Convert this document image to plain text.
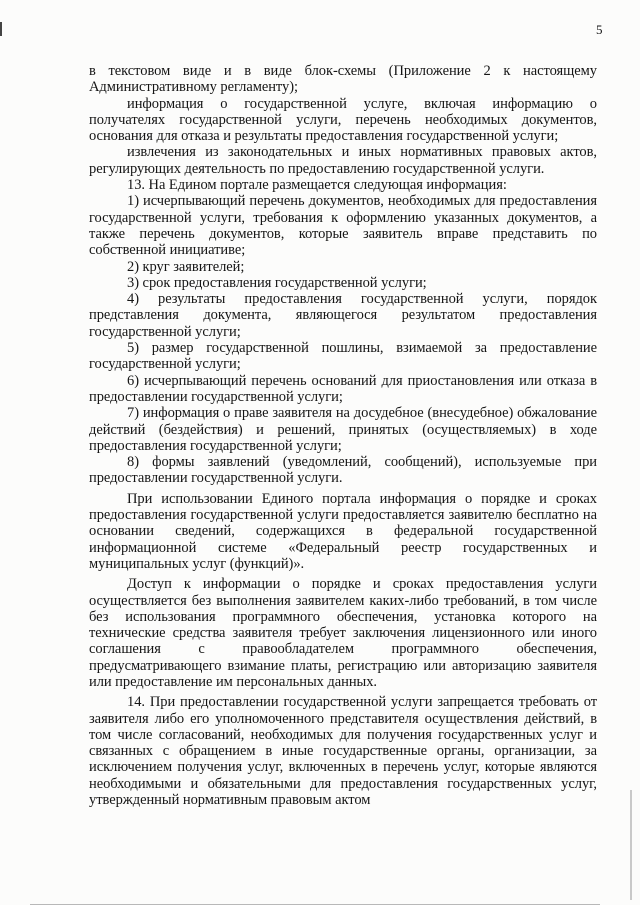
5

в текстовом виде и в виде блок-схемы (Приложение 2 к настоящему Административному регламенту);

информация о государственной услуге, включая информацию о получателях государственной услуги, перечень необходимых документов, основания для отказа и результаты предоставления государственной услуги;

извлечения из законодательных и иных нормативных правовых актов, регулирующих деятельность по предоставлению государственной услуги.

13. На Едином портале размещается следующая информация:

1) исчерпывающий перечень документов, необходимых для предоставления государственной услуги, требования к оформлению указанных документов, а также перечень документов, которые заявитель вправе представить по собственной инициативе;

2) круг заявителей;

3) срок предоставления государственной услуги;

4) результаты предоставления государственной услуги, порядок представления документа, являющегося результатом предоставления государственной услуги;

5) размер государственной пошлины, взимаемой за предоставление государственной услуги;

6) исчерпывающий перечень оснований для приостановления или отказа в предоставлении государственной услуги;

7) информация о праве заявителя на досудебное (внесудебное) обжалование действий (бездействия) и решений, принятых (осуществляемых) в ходе предоставления государственной услуги;

8) формы заявлений (уведомлений, сообщений), используемые при предоставлении государственной услуги.

При использовании Единого портала информация о порядке и сроках предоставления государственной услуги предоставляется заявителю бесплатно на основании сведений, содержащихся в федеральной государственной информационной системе «Федеральный реестр государственных и муниципальных услуг (функций)».

Доступ к информации о порядке и сроках предоставления услуги осуществляется без выполнения заявителем каких-либо требований, в том числе без использования программного обеспечения, установка которого на технические средства заявителя требует заключения лицензионного или иного соглашения с правообладателем программного обеспечения, предусматривающего взимание платы, регистрацию или авторизацию заявителя или предоставление им персональных данных.

14. При предоставлении государственной услуги запрещается требовать от заявителя либо его уполномоченного представителя осуществления действий, в том числе согласований, необходимых для получения государственных услуг и связанных с обращением в иные государственные органы, организации, за исключением получения услуг, включенных в перечень услуг, которые являются необходимыми и обязательными для предоставления государственных услуг, утвержденный нормативным правовым актом
